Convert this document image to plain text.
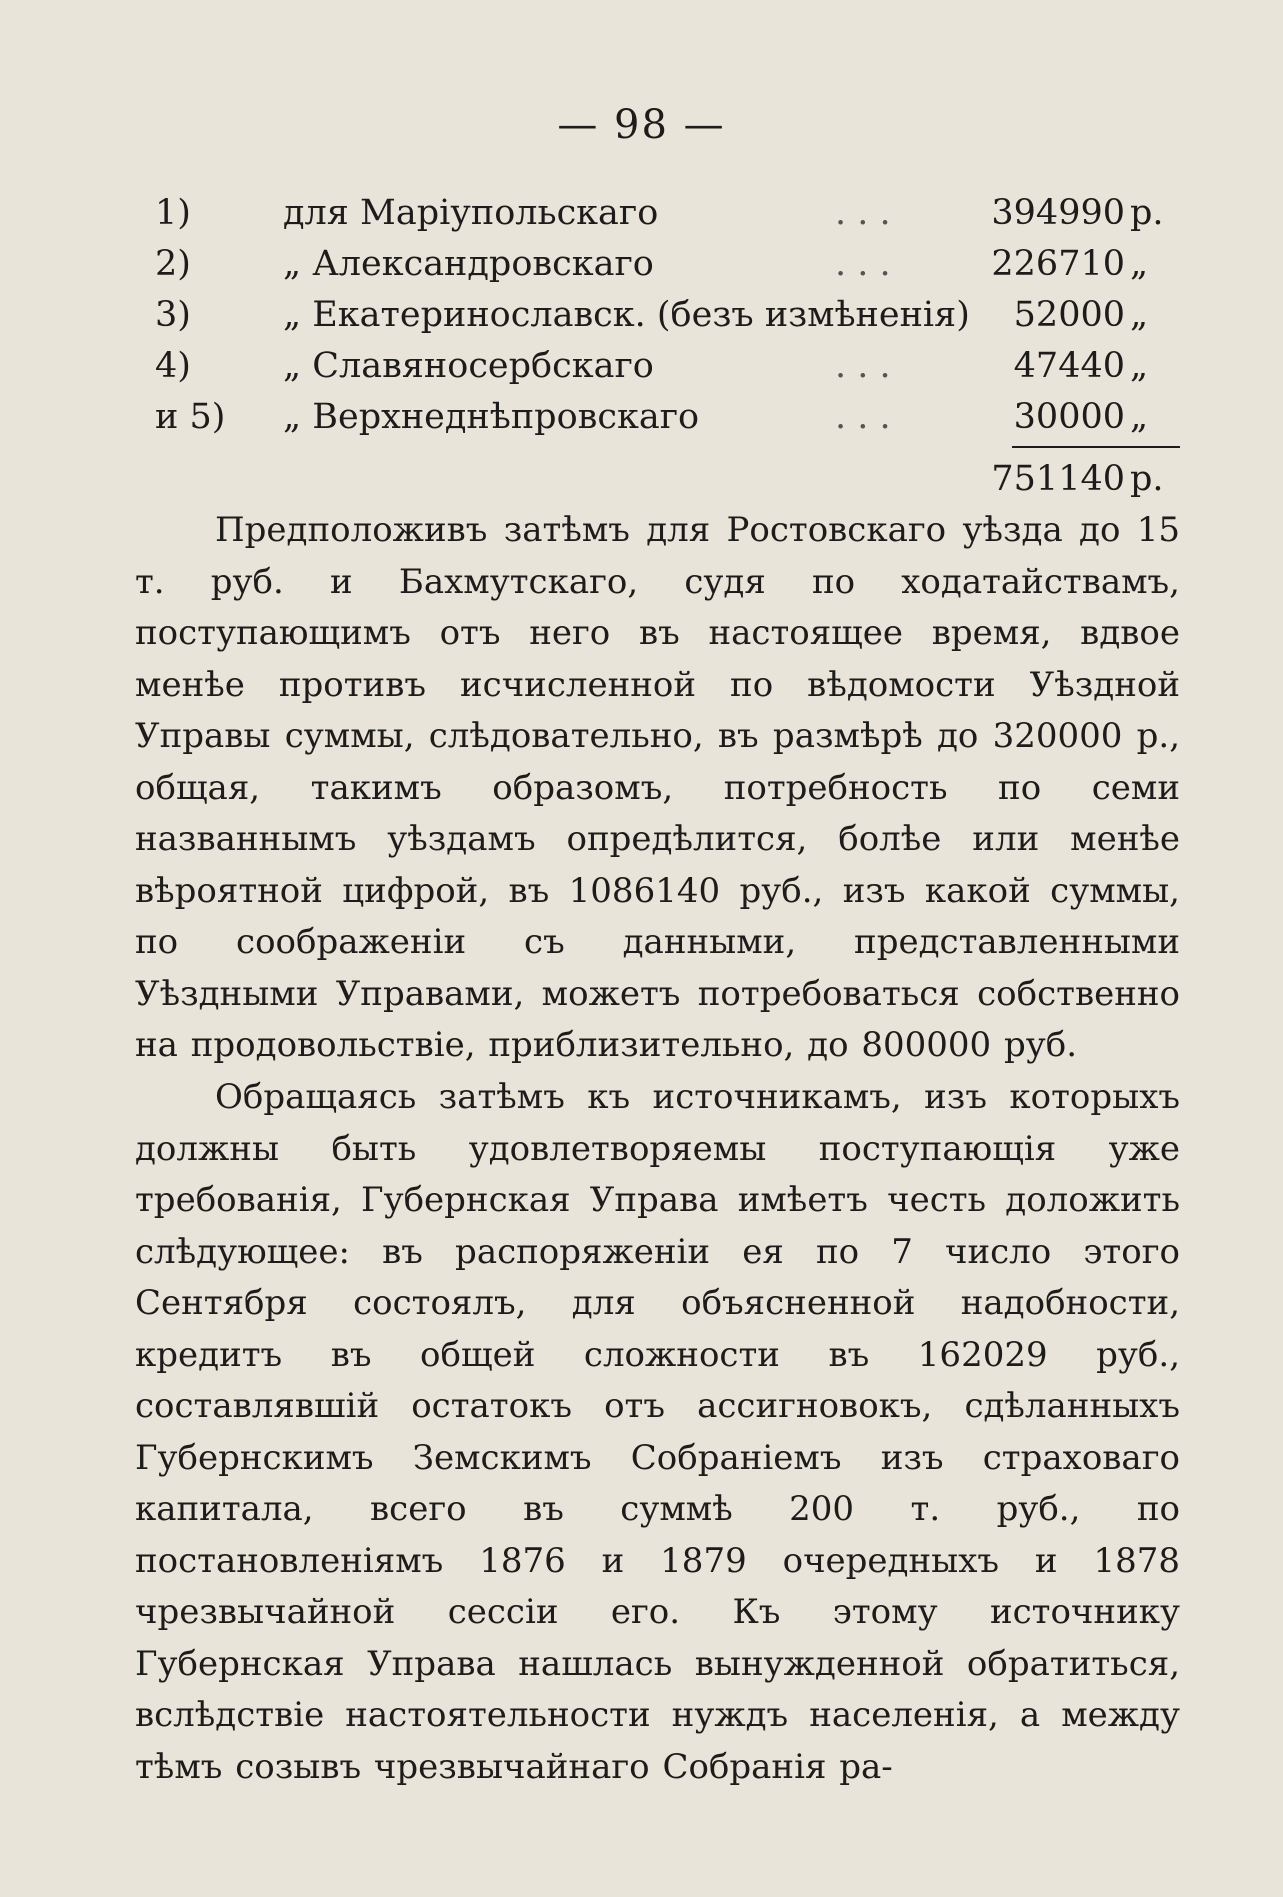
— 98 —
1)	для Маріупольскаго	. . .	394990 р.
2)	„ Александровскаго	. . .	226710 „
3)	„ Екатеринославск. (безъ измѣненія) 52000 „
4)	„ Славяносербскаго	. . .	47440 „
и 5) „ Верхнеднѣпровскаго	. . .	30000 „
751140 р.

Предположивъ затѣмъ для Ростовскаго уѣзда до 15 т. руб. и Бахмутскаго, судя по ходатайствамъ, поступающимъ отъ него въ настоящее время, вдвое менѣе противъ исчисленной по вѣдомости Уѣздной Управы суммы, слѣдовательно, въ размѣрѣ до 320000 р., общая, такимъ образомъ, потребность по семи названнымъ уѣздамъ опредѣлится, болѣе или менѣе вѣроятной цифрой, въ 1086140 руб., изъ какой суммы, по соображеніи съ данными, представленными Уѣздными Управами, можетъ потребоваться собственно на продовольствіе, приблизительно, до 800000 руб.

Обращаясь затѣмъ къ источникамъ, изъ которыхъ должны быть удовлетворяемы поступающія уже требованія, Губернская Управа имѣетъ честь доложить слѣдующее: въ распоряженіи ея по 7 число этого Сентября состоялъ, для объясненной надобности, кредитъ въ общей сложности въ 162029 руб., составлявшій остатокъ отъ ассигновокъ, сдѣланныхъ Губернскимъ Земскимъ Собраніемъ изъ страховаго капитала, всего въ суммѣ 200 т. руб., по постановленіямъ 1876 и 1879 очередныхъ и 1878 чрезвычайной сессіи его. Къ этому источнику Губернская Управа нашлась вынужденной обратиться, вслѣдствіе настоятельности нуждъ населенія, а между тѣмъ созывъ чрезвычайнаго Собранія ра-
